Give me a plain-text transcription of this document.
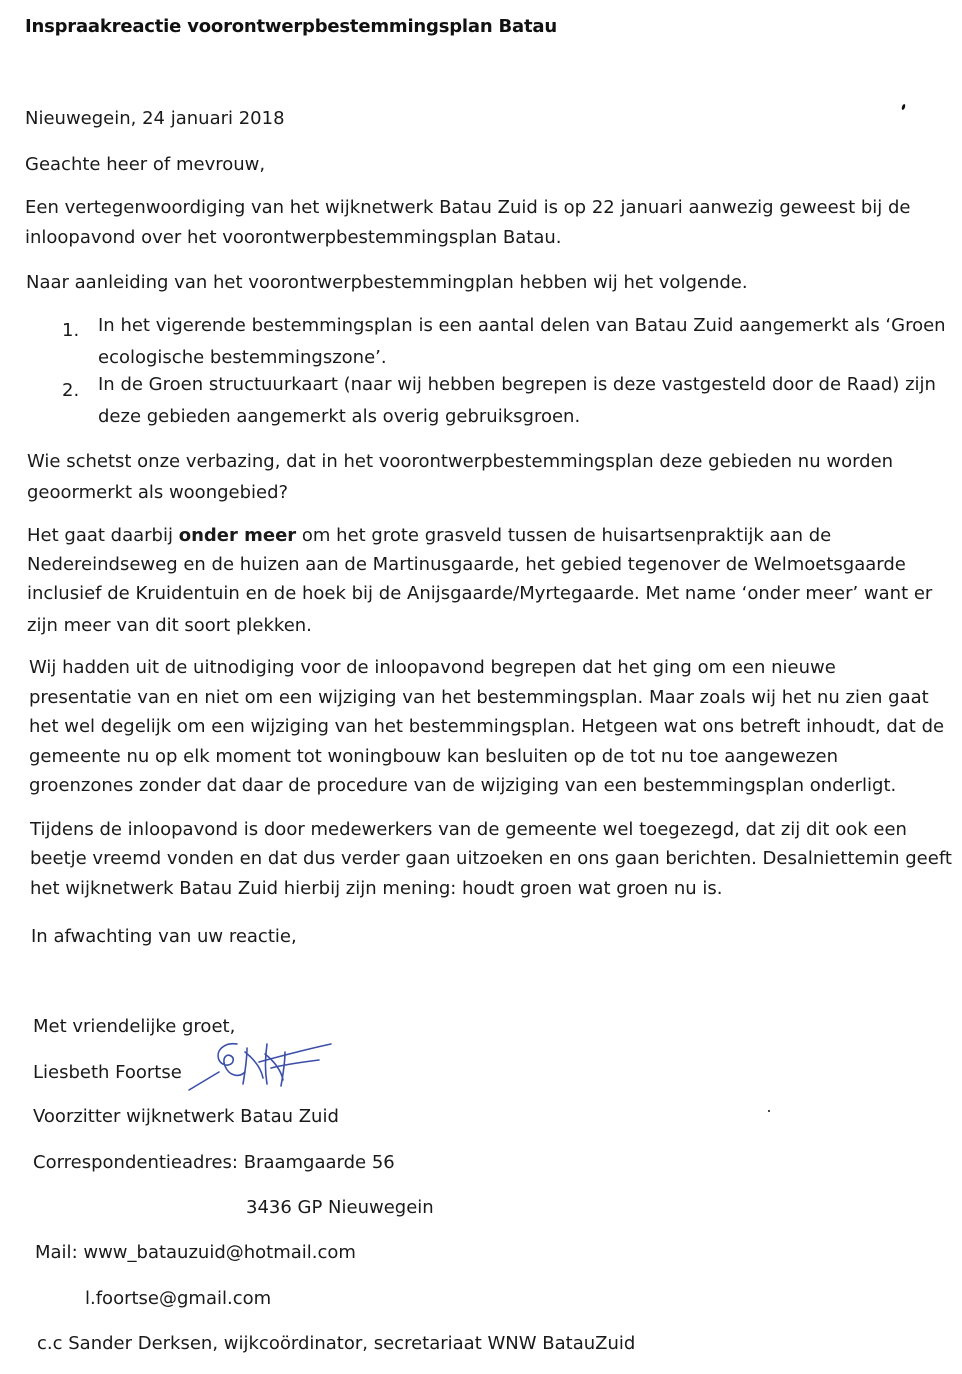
Inspraakreactie voorontwerpbestemmingsplan Batau
Nieuwegein, 24 januari 2018
Geachte heer of mevrouw,
Een vertegenwoordiging van het wijknetwerk Batau Zuid is op 22 januari aanwezig geweest bij de
inloopavond over het voorontwerpbestemmingsplan Batau.
Naar aanleiding van het voorontwerpbestemmingplan hebben wij het volgende.
1. In het vigerende bestemmingsplan is een aantal delen van Batau Zuid aangemerkt als ‘Groen
ecologische bestemmingszone’.
2. In de Groen structuurkaart (naar wij hebben begrepen is deze vastgesteld door de Raad) zijn
deze gebieden aangemerkt als overig gebruiksgroen.
Wie schetst onze verbazing, dat in het voorontwerpbestemmingsplan deze gebieden nu worden
geoormerkt als woongebied?
Het gaat daarbij onder meer om het grote grasveld tussen de huisartsenpraktijk aan de
Nedereindseweg en de huizen aan de Martinusgaarde, het gebied tegenover de Welmoetsgaarde
inclusief de Kruidentuin en de hoek bij de Anijsgaarde/Myrtegaarde. Met name ‘onder meer’ want er
zijn meer van dit soort plekken.
Wij hadden uit de uitnodiging voor de inloopavond begrepen dat het ging om een nieuwe
presentatie van en niet om een wijziging van het bestemmingsplan. Maar zoals wij het nu zien gaat
het wel degelijk om een wijziging van het bestemmingsplan. Hetgeen wat ons betreft inhoudt, dat de
gemeente nu op elk moment tot woningbouw kan besluiten op de tot nu toe aangewezen
groenzones zonder dat daar de procedure van de wijziging van een bestemmingsplan onderligt.
Tijdens de inloopavond is door medewerkers van de gemeente wel toegezegd, dat zij dit ook een
beetje vreemd vonden en dat dus verder gaan uitzoeken en ons gaan berichten. Desalniettemin geeft
het wijknetwerk Batau Zuid hierbij zijn mening: houdt groen wat groen nu is.
In afwachting van uw reactie,
Met vriendelijke groet,
Liesbeth Foortse
Voorzitter wijknetwerk Batau Zuid
Correspondentieadres: Braamgaarde 56
3436 GP Nieuwegein
Mail: www_batauzuid@hotmail.com
l.foortse@gmail.com
c.c Sander Derksen, wijkcoördinator, secretariaat WNW BatauZuid
